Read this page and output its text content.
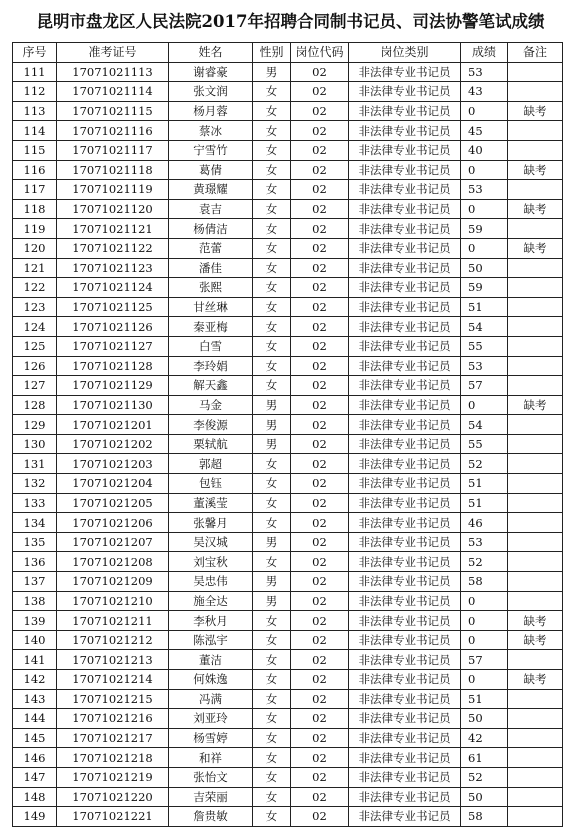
昆明市盘龙区人民法院2017年招聘合同制书记员、司法协警笔试成绩
序号	准考证号	姓名	性别	岗位代码	岗位类别	成绩	备注
111	17071021113	谢睿豪	男	02	非法律专业书记员	53	
112	17071021114	张文润	女	02	非法律专业书记员	43	
113	17071021115	杨月蓉	女	02	非法律专业书记员	0	缺考
114	17071021116	蔡冰	女	02	非法律专业书记员	45	
115	17071021117	宁雪竹	女	02	非法律专业书记员	40	
116	17071021118	葛倩	女	02	非法律专业书记员	0	缺考
117	17071021119	黄璟耀	女	02	非法律专业书记员	53	
118	17071021120	袁吉	女	02	非法律专业书记员	0	缺考
119	17071021121	杨倩洁	女	02	非法律专业书记员	59	
120	17071021122	范蕾	女	02	非法律专业书记员	0	缺考
121	17071021123	潘佳	女	02	非法律专业书记员	50	
122	17071021124	张熙	女	02	非法律专业书记员	59	
123	17071021125	甘丝琳	女	02	非法律专业书记员	51	
124	17071021126	秦亚梅	女	02	非法律专业书记员	54	
125	17071021127	白雪	女	02	非法律专业书记员	55	
126	17071021128	李玲娟	女	02	非法律专业书记员	53	
127	17071021129	解天鑫	女	02	非法律专业书记员	57	
128	17071021130	马金	男	02	非法律专业书记员	0	缺考
129	17071021201	李俊源	男	02	非法律专业书记员	54	
130	17071021202	栗轼航	男	02	非法律专业书记员	55	
131	17071021203	郭超	女	02	非法律专业书记员	52	
132	17071021204	包钰	女	02	非法律专业书记员	51	
133	17071021205	董溪莹	女	02	非法律专业书记员	51	
134	17071021206	张馨月	女	02	非法律专业书记员	46	
135	17071021207	吴汉城	男	02	非法律专业书记员	53	
136	17071021208	刘宝秋	女	02	非法律专业书记员	52	
137	17071021209	吴忠伟	男	02	非法律专业书记员	58	
138	17071021210	施全达	男	02	非法律专业书记员	0	
139	17071021211	李秋月	女	02	非法律专业书记员	0	缺考
140	17071021212	陈泓宇	女	02	非法律专业书记员	0	缺考
141	17071021213	董洁	女	02	非法律专业书记员	57	
142	17071021214	何姝逸	女	02	非法律专业书记员	0	缺考
143	17071021215	冯满	女	02	非法律专业书记员	51	
144	17071021216	刘亚玲	女	02	非法律专业书记员	50	
145	17071021217	杨雪婷	女	02	非法律专业书记员	42	
146	17071021218	和祥	女	02	非法律专业书记员	61	
147	17071021219	张怡文	女	02	非法律专业书记员	52	
148	17071021220	吉荣丽	女	02	非法律专业书记员	50	
149	17071021221	詹贵敏	女	02	非法律专业书记员	58	
